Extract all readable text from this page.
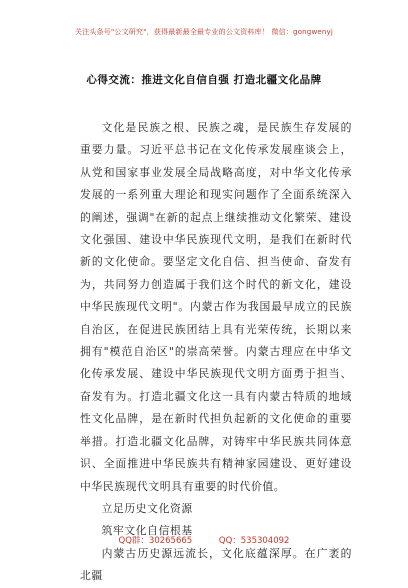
关注头条号"公文研究"，获得最新最全最专业的公文资料库！ 微信：gongwenyj
心得交流：推进文化自信自强 打造北疆文化品牌

文化是民族之根、民族之魂，是民族生存发展的重要力量。习近平总书记在文化传承发展座谈会上，从党和国家事业发展全局战略高度，对中华文化传承发展的一系列重大理论和现实问题作了全面系统深入的阐述，强调"在新的起点上继续推动文化繁荣、建设文化强国、建设中华民族现代文明，是我们在新时代新的文化使命。要坚定文化自信、担当使命、奋发有为，共同努力创造属于我们这个时代的新文化，建设中华民族现代文明"。内蒙古作为我国最早成立的民族自治区，在促进民族团结上具有光荣传统，长期以来拥有"模范自治区"的崇高荣誉。内蒙古理应在中华文化传承发展、建设中华民族现代文明方面勇于担当、奋发有为。打造北疆文化这一具有内蒙古特质的地域性文化品牌，是在新时代担负起新的文化使命的重要举措。打造北疆文化品牌，对铸牢中华民族共同体意识、全面推进中华民族共有精神家园建设、更好建设中华民族现代文明具有重要的时代价值。

立足历史文化资源

筑牢文化自信根基

内蒙古历史源远流长，文化底蕴深厚。在广袤的北疆

QQ群：30265665	QQ：535304092
